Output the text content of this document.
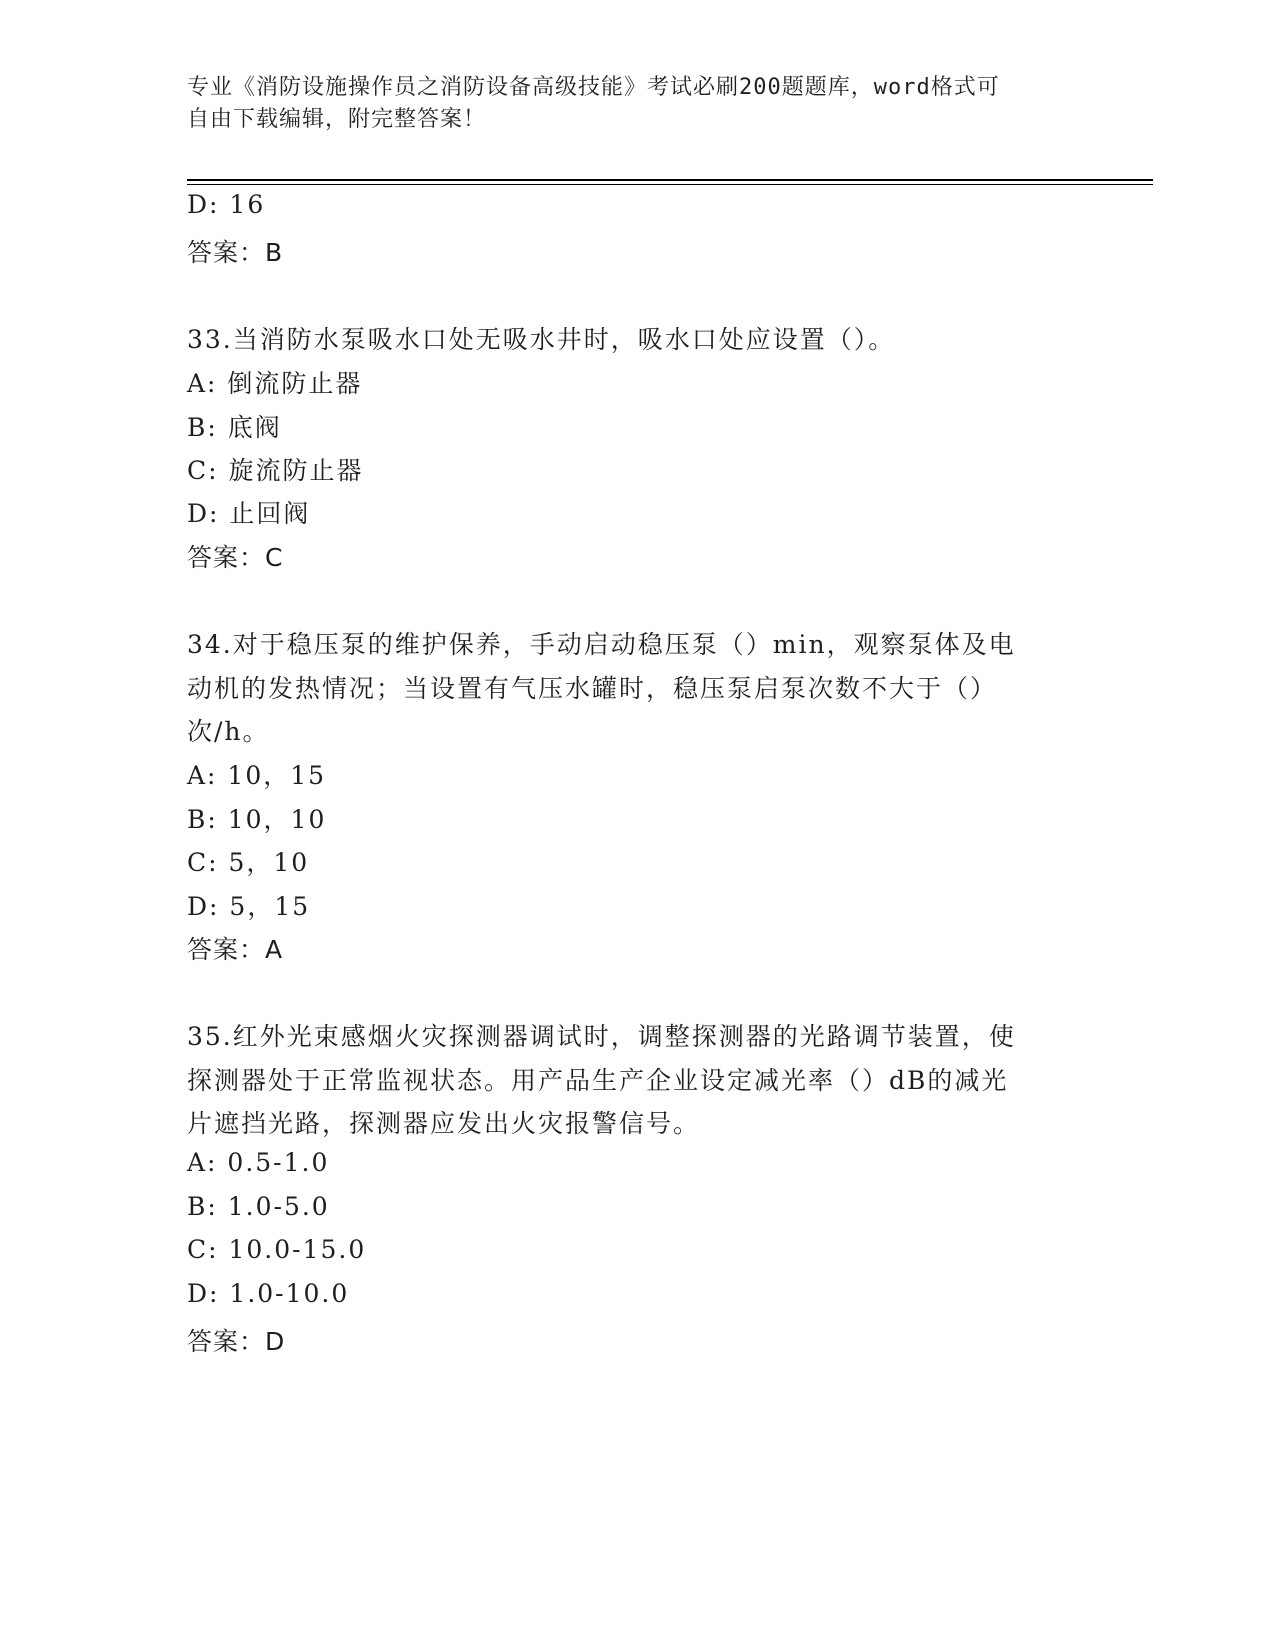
专业《消防设施操作员之消防设备高级技能》考试必刷200题题库，word格式可
自由下载编辑，附完整答案！
D: 16
答案：B
33.当消防水泵吸水口处无吸水井时，吸水口处应设置（）。
A: 倒流防止器
B: 底阀
C: 旋流防止器
D: 止回阀
答案：C
34.对于稳压泵的维护保养，手动启动稳压泵（）min，观察泵体及电
动机的发热情况；当设置有气压水罐时，稳压泵启泵次数不大于（）
次/h。
A: 10，15
B: 10，10
C: 5，10
D: 5，15
答案：A
35.红外光束感烟火灾探测器调试时，调整探测器的光路调节装置，使
探测器处于正常监视状态。用产品生产企业设定减光率（）dB的减光
片遮挡光路，探测器应发出火灾报警信号。
A: 0.5-1.0
B: 1.0-5.0
C: 10.0-15.0
D: 1.0-10.0
答案：D
